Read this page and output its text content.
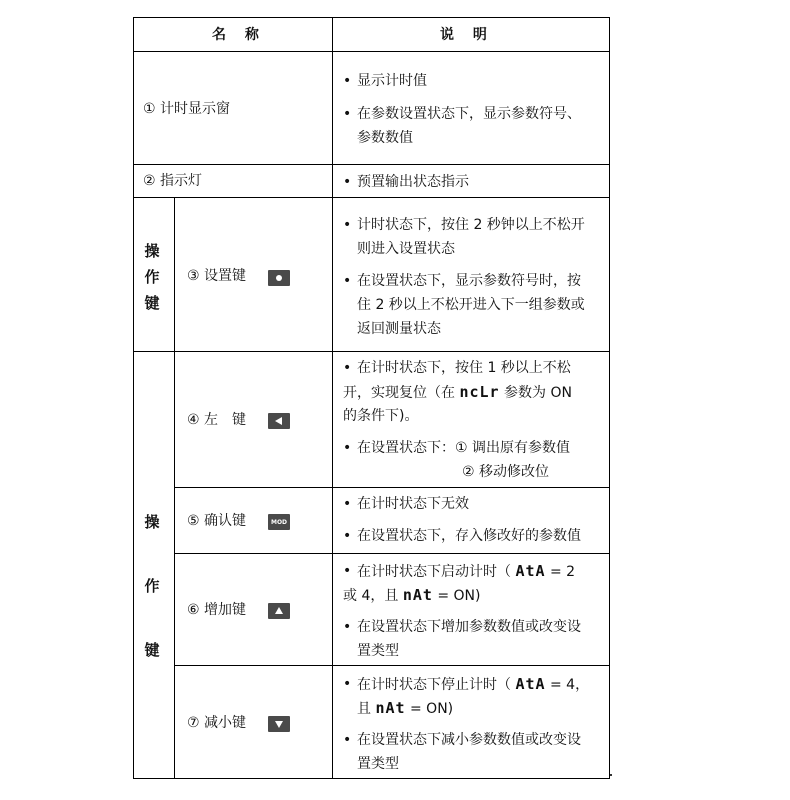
名 称	说 明
① 计时显示窗
• 显示计时值
• 在参数设置状态下，显示参数符号、
参数数值
② 指示灯
•	预置输出状态指示
操
作
键
③ 设置键
• 计时状态下，按住 2 秒钟以上不松开
则进入设置状态
• 在设置状态下，显示参数符号时，按
住 2 秒以上不松开进入下一组参数或
返回测量状态
操
作
键
④ 左　键
• 在计时状态下，按住 1 秒以上不松
开，实现复位（在 ncLr 参数为 ON
的条件下)。
• 在设置状态下：① 调出原有参数值
② 移动修改位
⑤ 确认键	MOD
• 在计时状态下无效
• 在设置状态下，存入修改好的参数值
⑥ 增加键
• 在计时状态下启动计时（ AtA = 2
或 4，且 nAt = ON)
• 在设置状态下增加参数数值或改变设
置类型
⑦ 减小键
• 在计时状态下停止计时（ AtA = 4，
且 nAt = ON)
• 在设置状态下减小参数数值或改变设
置类型
